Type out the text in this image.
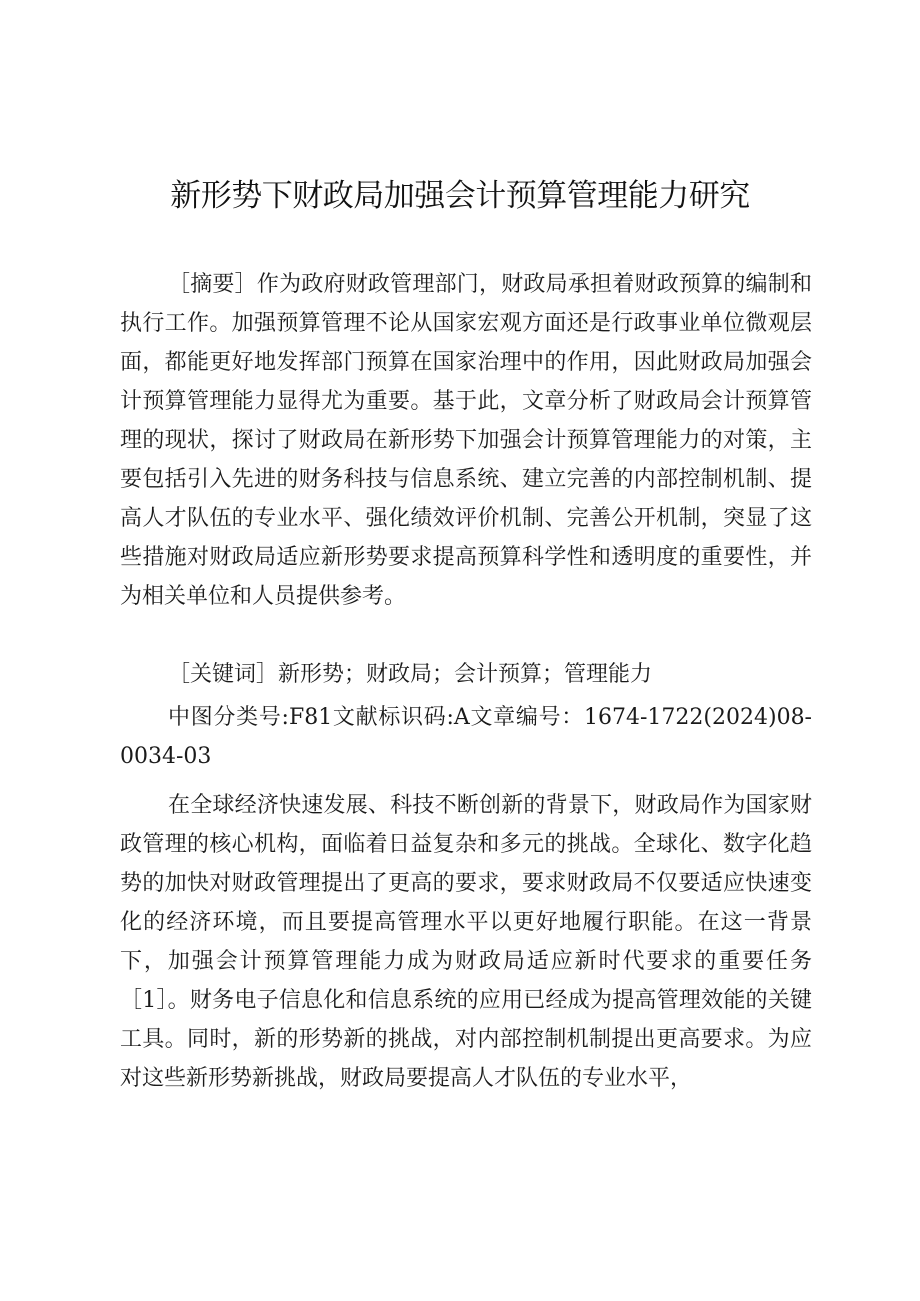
新形势下财政局加强会计预算管理能力研究

［摘要］作为政府财政管理部门，财政局承担着财政预算的编制和执行工作。加强预算管理不论从国家宏观方面还是行政事业单位微观层面，都能更好地发挥部门预算在国家治理中的作用，因此财政局加强会计预算管理能力显得尤为重要。基于此，文章分析了财政局会计预算管理的现状，探讨了财政局在新形势下加强会计预算管理能力的对策，主要包括引入先进的财务科技与信息系统、建立完善的内部控制机制、提高人才队伍的专业水平、强化绩效评价机制、完善公开机制，突显了这些措施对财政局适应新形势要求提高预算科学性和透明度的重要性，并为相关单位和人员提供参考。

［关键词］新形势；财政局；会计预算；管理能力

中图分类号:F81文献标识码:A文章编号：1674-1722(2024)08-0034-03

在全球经济快速发展、科技不断创新的背景下，财政局作为国家财政管理的核心机构，面临着日益复杂和多元的挑战。全球化、数字化趋势的加快对财政管理提出了更高的要求，要求财政局不仅要适应快速变化的经济环境，而且要提高管理水平以更好地履行职能。在这一背景下，加强会计预算管理能力成为财政局适应新时代要求的重要任务［1］。财务电子信息化和信息系统的应用已经成为提高管理效能的关键工具。同时，新的形势新的挑战，对内部控制机制提出更高要求。为应对这些新形势新挑战，财政局要提高人才队伍的专业水平，
